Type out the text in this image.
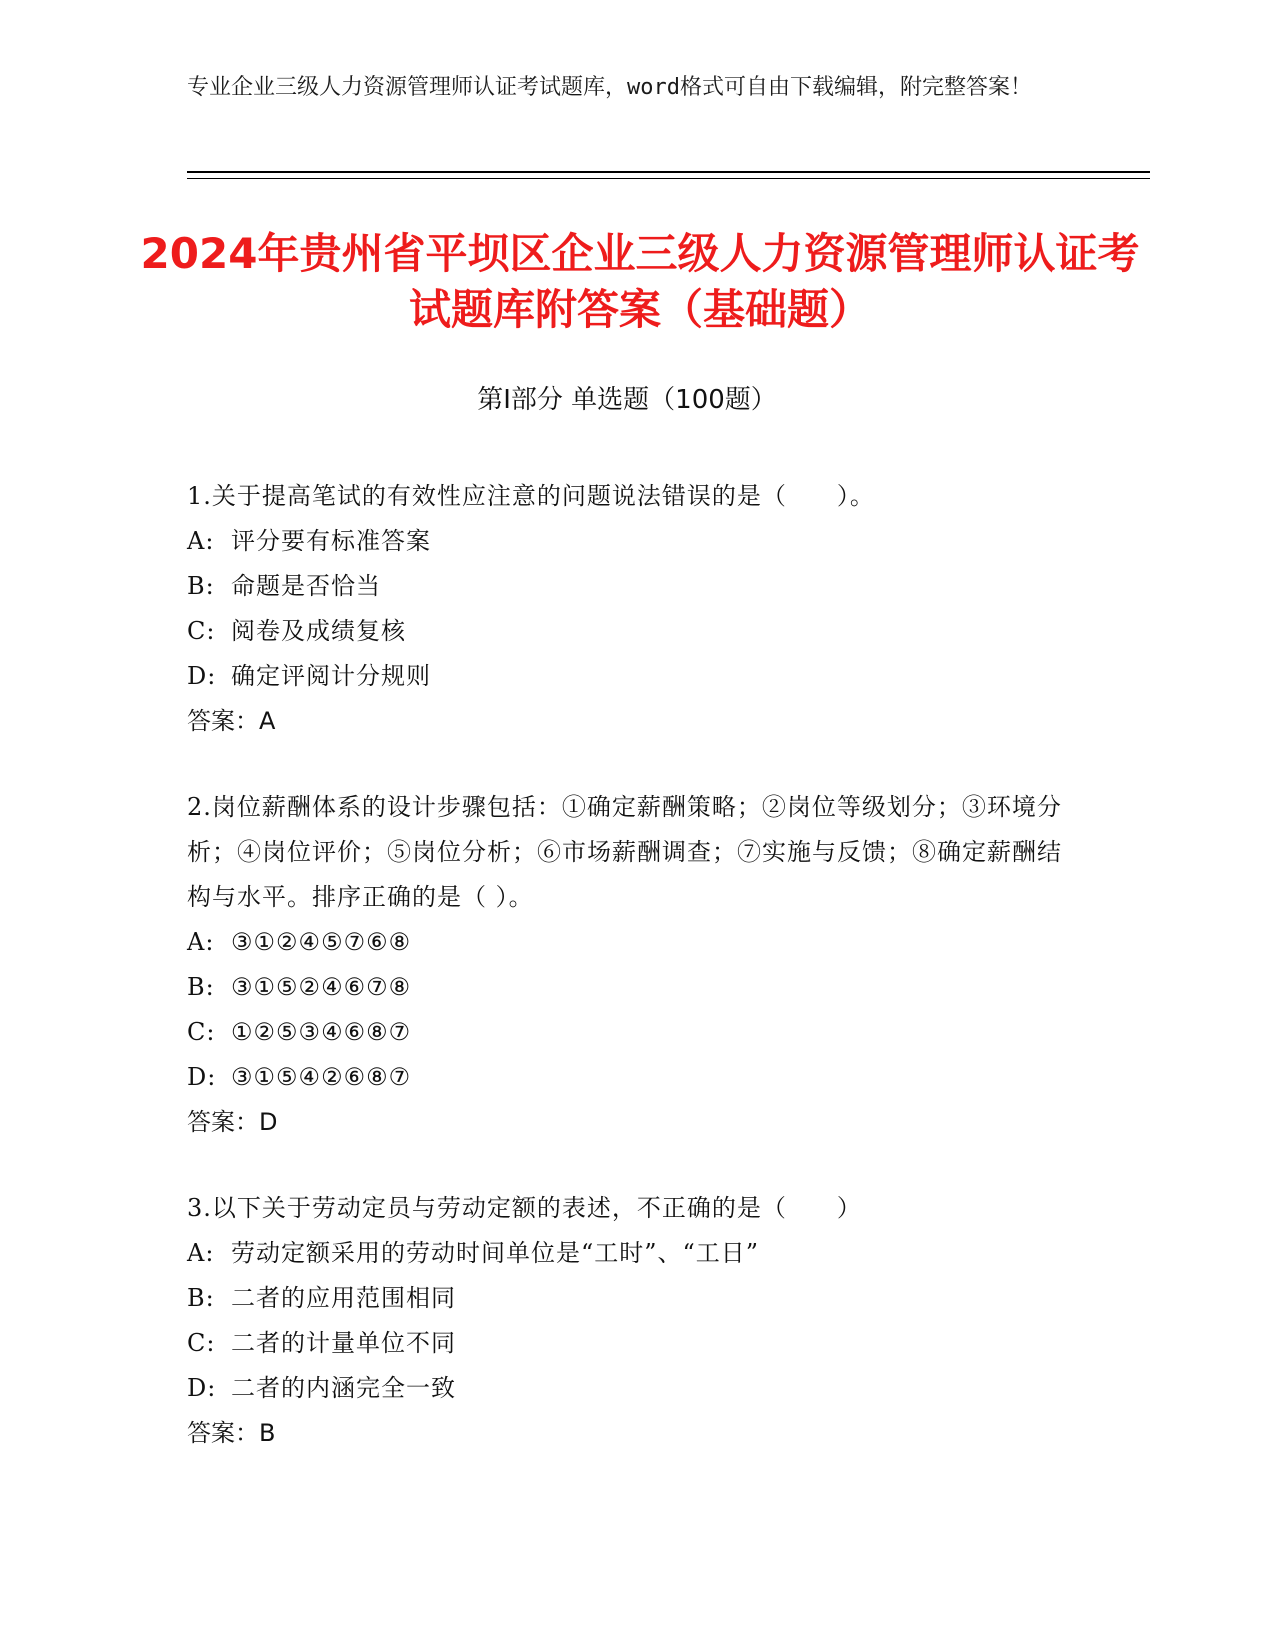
专业企业三级人力资源管理师认证考试题库，word格式可自由下载编辑，附完整答案！
2024年贵州省平坝区企业三级人力资源管理师认证考试题库附答案（基础题）
第Ⅰ部分 单选题（100题）
1.关于提高笔试的有效性应注意的问题说法错误的是（　　）。
A: 评分要有标准答案
B: 命题是否恰当
C: 阅卷及成绩复核
D: 确定评阅计分规则
答案：A
2.岗位薪酬体系的设计步骤包括：①确定薪酬策略；②岗位等级划分；③环境分析；④岗位评价；⑤岗位分析；⑥市场薪酬调查；⑦实施与反馈；⑧确定薪酬结构与水平。排序正确的是（ ）。
A: ③①②④⑤⑦⑥⑧
B: ③①⑤②④⑥⑦⑧
C: ①②⑤③④⑥⑧⑦
D: ③①⑤④②⑥⑧⑦
答案：D
3.以下关于劳动定员与劳动定额的表述，不正确的是（　　）
A: 劳动定额采用的劳动时间单位是“工时”、“工日”
B: 二者的应用范围相同
C: 二者的计量单位不同
D: 二者的内涵完全一致
答案：B
